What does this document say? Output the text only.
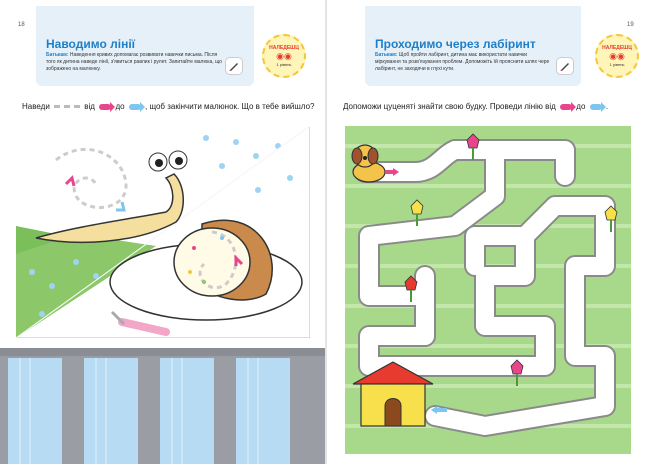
18
Наводимо лінії
Батькам: Наведення кривих допомагає розвивати навички письма. Після того як дитина наведе лінії, з'явиться равлик і рулет. Запитайте малюка, що зображено на малюнку.
НАЛЕДЕШЦ
◉◉
1 рівень
Наведи	від	до	, щоб закінчити малюнок. Що в тебе вийшло?
19
Проходимо через лабіринт
Батькам: Щоб пройти лабіринт, дитина має використати навички міркування та розв'язування проблем. Допоможіть їй прояснити шлях чере лабіринт, не заходячи в глухі кути.
НАЛЕДЕШЦ
◉◉
1 рівень
Допоможи цуценяті знайти свою будку. Проведи лінію від	до	.
